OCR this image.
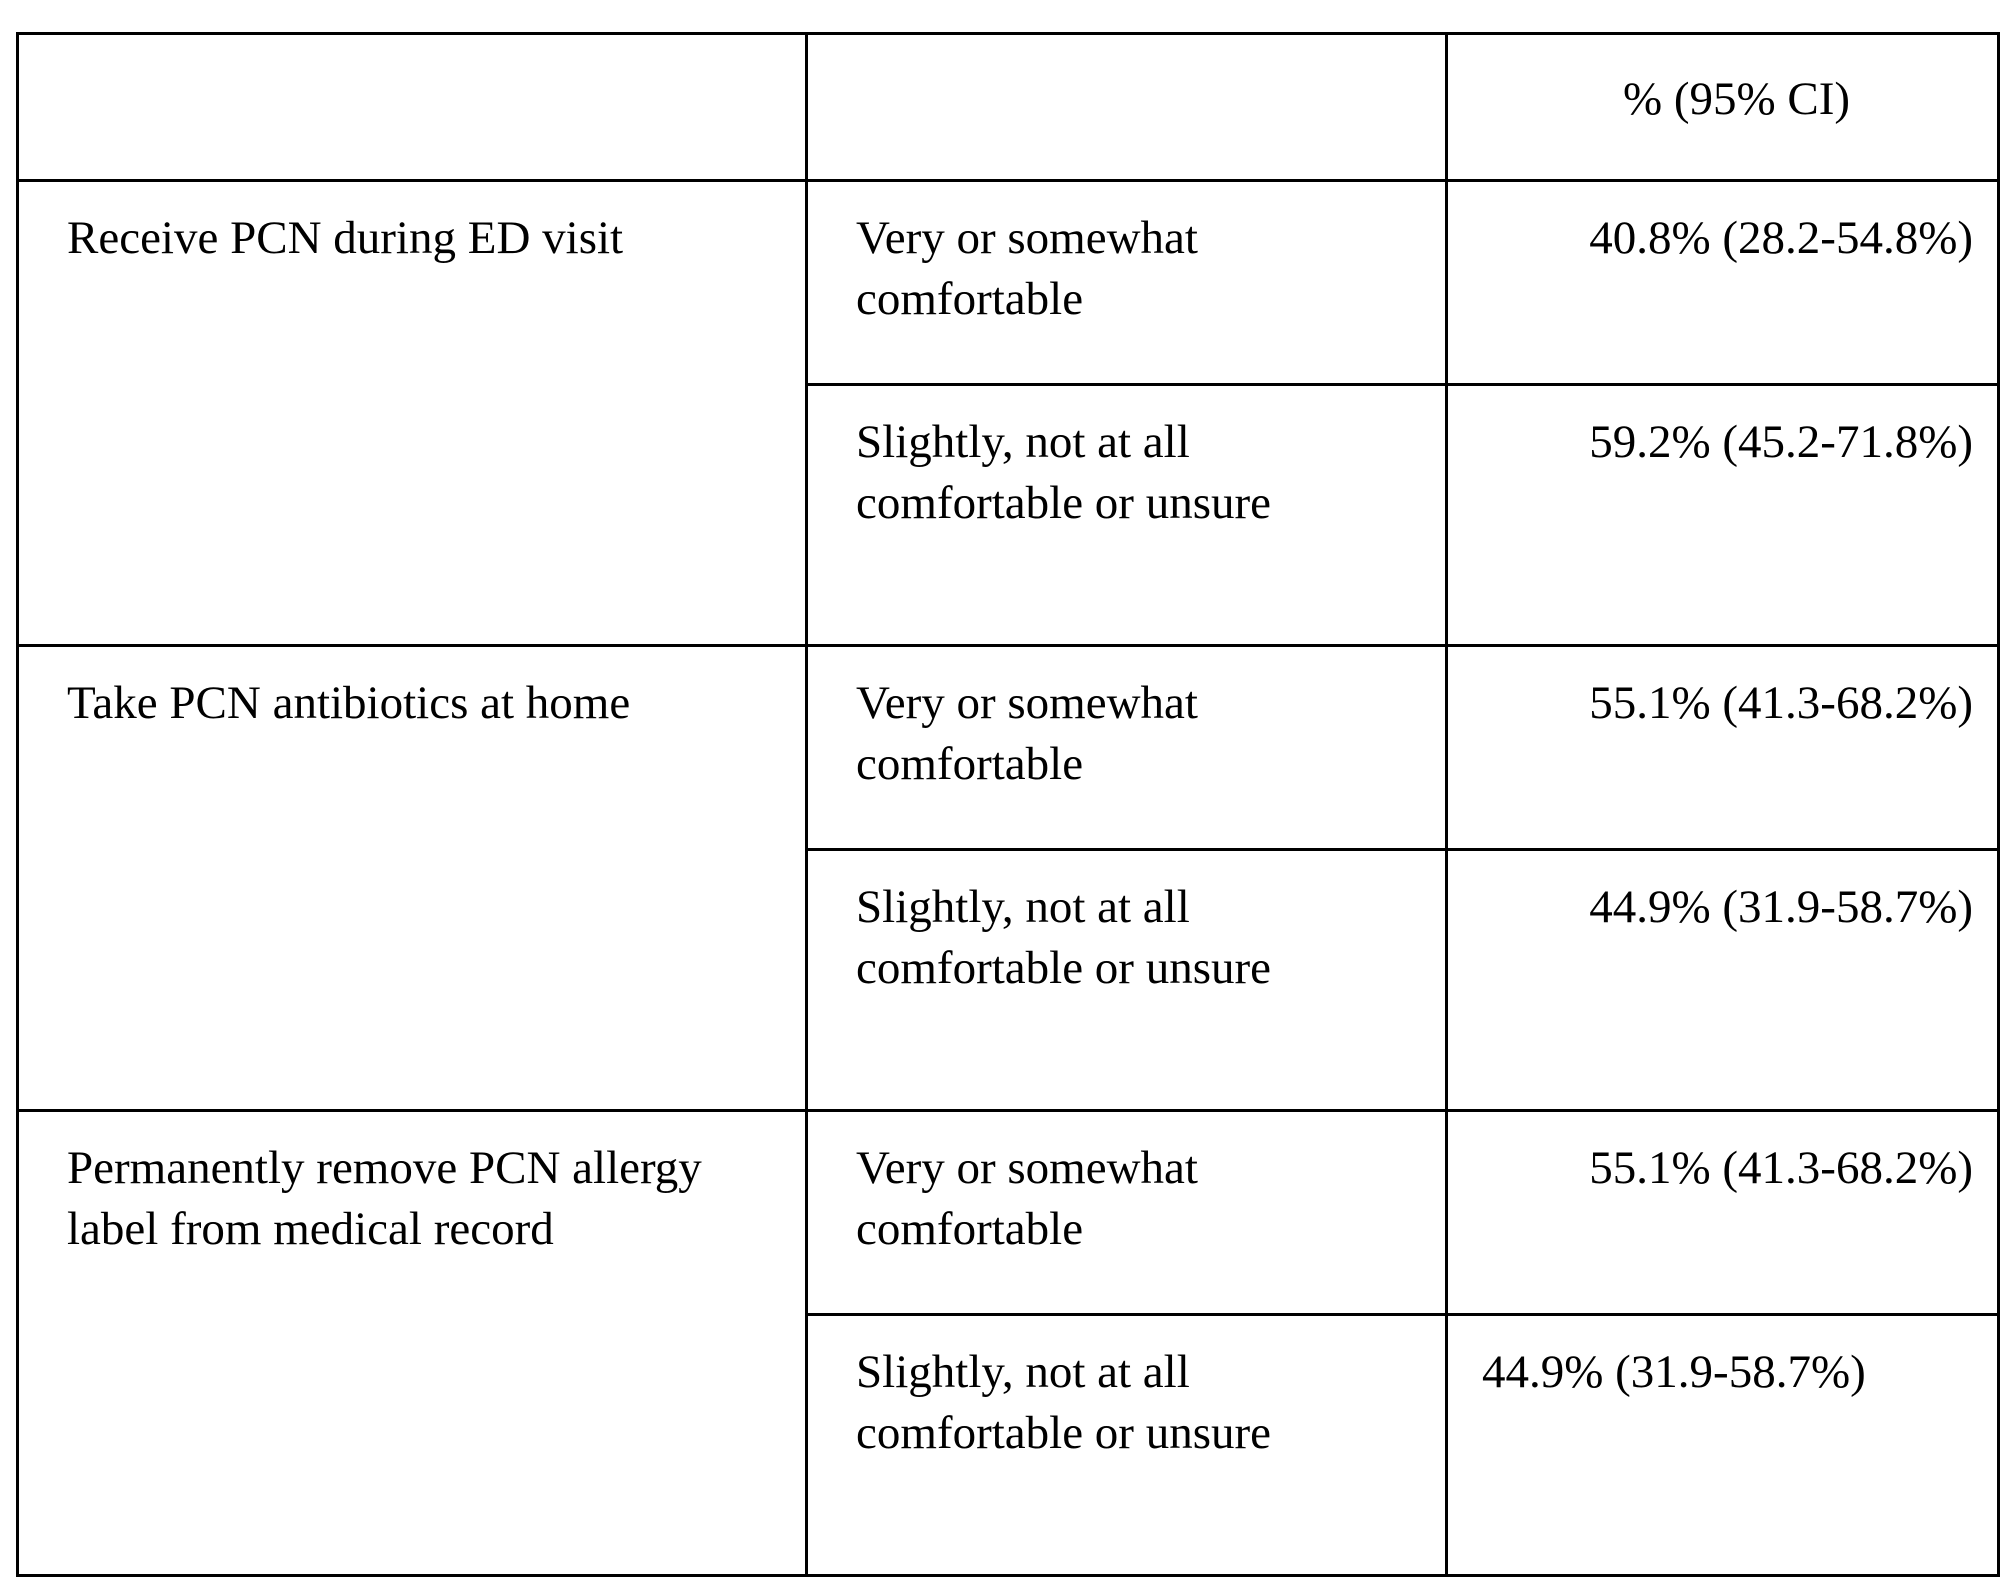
		% (95% CI)

Receive PCN during ED visit	Very or somewhat comfortable	40.8% (28.2-54.8%)

	Slightly, not at all comfortable or unsure	59.2% (45.2-71.8%)

Take PCN antibiotics at home	Very or somewhat comfortable	55.1% (41.3-68.2%)

	Slightly, not at all comfortable or unsure	44.9% (31.9-58.7%)

Permanently remove PCN allergy label from medical record	Very or somewhat comfortable	55.1% (41.3-68.2%)

	Slightly, not at all comfortable or unsure	44.9% (31.9-58.7%)
